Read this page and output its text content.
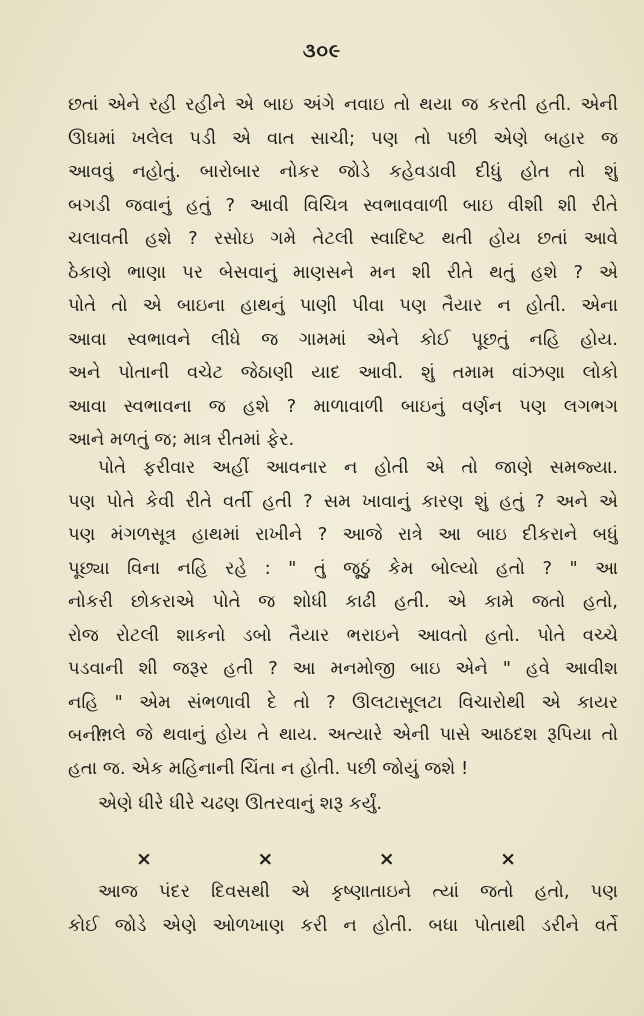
૩૦૯
છતાં એને રહી રહીને એ બાઇ અંગે નવાઇ તો થયા જ કરતી હતી. એની
ઊઘમાં ખલેલ પડી એ વાત સાચી; પણ તો પછી એણે બહાર જ
આવવું નહોતું. બારોબાર નોકર જોડે કહેવડાવી દીધું હોત તો શું
બગડી જવાનું હતું ? આવી વિચિત્ર સ્વભાવવાળી બાઇ વીશી શી રીતે
ચલાવતી હશે ? રસોઇ ગમે તેટલી સ્વાદિષ્ટ થતી હોય છતાં આવે
ઠેકાણે ભાણા પર બેસવાનું માણસને મન શી રીતે થતું હશે ? એ
પોતે તો એ બાઇના હાથનું પાણી પીવા પણ તૈયાર ન હોતી. એના
આવા સ્વભાવને લીધે જ ગામમાં એને કોઈ પૂછતું નહિ હોય.
અને પોતાની વચેટ જેઠાણી યાદ આવી. શું તમામ વાંઝણા લોકો
આવા સ્વભાવના જ હશે ? માળાવાળી બાઇનું વર્ણન પણ લગભગ
આને મળતું જ; માત્ર રીતમાં ફેર.
પોતે ફરીવાર અહીં આવનાર ન હોતી એ તો જાણે સમજ્યા.
પણ પોતે કેવી રીતે વર્તી હતી ? સમ ખાવાનું કારણ શું હતું ? અને એ
પણ મંગળસૂત્ર હાથમાં રાખીને ? આજે રાત્રે આ બાઇ દીકરાને બધું
પૂછ્યા વિના નહિ રહે : " તું જૂઠું કેમ બોલ્યો હતો ? " આ
નોકરી છોકરાએ પોતે જ શોધી કાઢી હતી. એ કામે જતો હતો,
રોજ રોટલી શાકનો ડબો તૈયાર ભરાઇને આવતો હતો. પોતે વચ્ચે
પડવાની શી જરૂર હતી ? આ મનમોજી બાઇ એને " હવે આવીશ
નહિ " એમ સંભળાવી દે તો ? ઊલટાસૂલટા વિચારોથી એ કાયર
બની.
ભલે જે થવાનું હોય તે થાય. અત્યારે એની પાસે આઠદશ રૂપિયા તો
હતા જ. એક મહિનાની ચિંતા ન હોતી. પછી જોયું જશે !
એણે ધીરે ધીરે ચઢણ ઊતરવાનું શરૂ કર્યું.
×	×	×	×
આજ પંદર દિવસથી એ કૃષ્ણાતાઇને ત્યાં જતો હતો, પણ
કોઈ જોડે એણે ઓળખાણ કરી ન હોતી. બધા પોતાથી ડરીને વર્તે
